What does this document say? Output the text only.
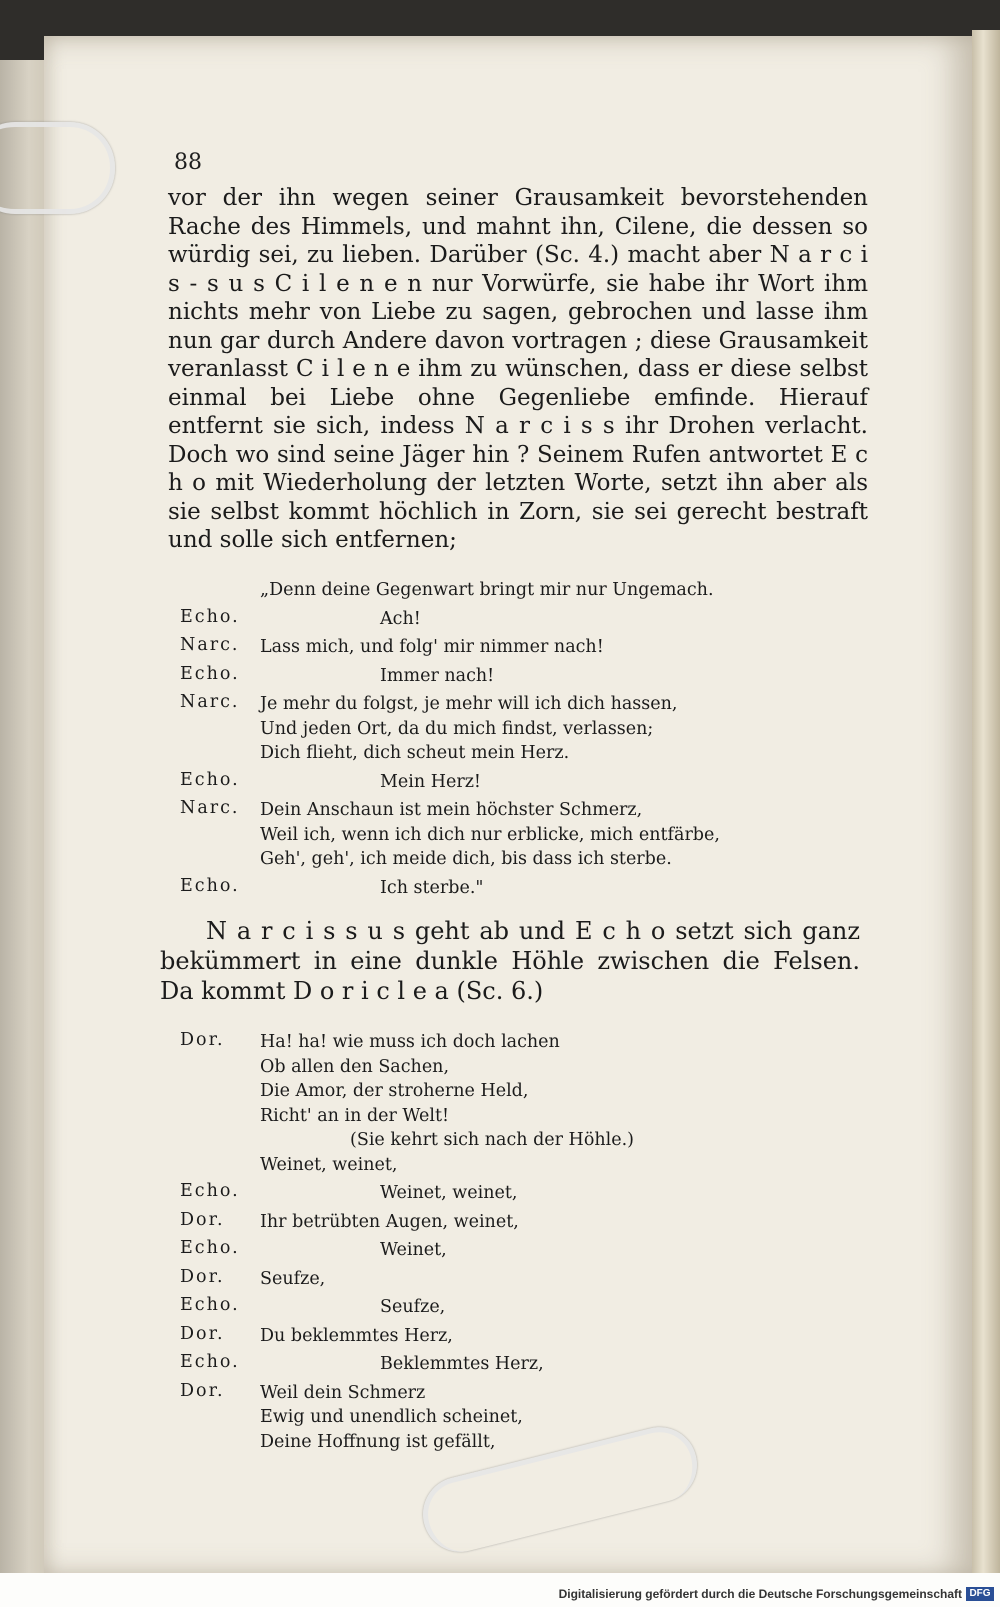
88

vor der ihn wegen seiner Grausamkeit bevorstehenden Rache des Himmels, und mahnt ihn, Cilene, die dessen so würdig sei, zu lieben. Darüber (Sc. 4.) macht aber N a r c i s - s u s C i l e n e n nur Vorwürfe, sie habe ihr Wort ihm nichts mehr von Liebe zu sagen, gebrochen und lasse ihm nun gar durch Andere davon vortragen ; diese Grausamkeit veranlasst C i l e n e ihm zu wünschen, dass er diese selbst einmal bei Liebe ohne Gegenliebe emfinde. Hierauf entfernt sie sich, indess N a r c i s s ihr Drohen verlacht. Doch wo sind seine Jäger hin ? Seinem Rufen antwortet E c h o mit Wiederholung der letzten Worte, setzt ihn aber als sie selbst kommt höchlich in Zorn, sie sei gerecht bestraft und solle sich entfernen;

„Denn deine Gegenwart bringt mir nur Ungemach.
Echo.	Ach!
Narc.	Lass mich, und folg' mir nimmer nach!
Echo.	Immer nach!
Narc.	Je mehr du folgst, je mehr will ich dich hassen,
Und jeden Ort, da du mich findst, verlassen;
Dich flieht, dich scheut mein Herz.
Echo.	Mein Herz!
Narc.	Dein Anschaun ist mein höchster Schmerz,
Weil ich, wenn ich dich nur erblicke, mich entfärbe,
Geh', geh', ich meide dich, bis dass ich sterbe.
Echo.	Ich sterbe."

N a r c i s s u s geht ab und E c h o setzt sich ganz bekümmert in eine dunkle Höhle zwischen die Felsen. Da kommt D o r i c l e a (Sc. 6.)

Dor.	Ha! ha! wie muss ich doch lachen
Ob allen den Sachen,
Die Amor, der stroherne Held,
Richt' an in der Welt!
(Sie kehrt sich nach der Höhle.)
Weinet, weinet,
Echo.	Weinet, weinet,
Dor.	Ihr betrübten Augen, weinet,
Echo.	Weinet,
Dor.	Seufze,
Echo.	Seufze,
Dor.	Du beklemmtes Herz,
Echo.	Beklemmtes Herz,
Dor.	Weil dein Schmerz
Ewig und unendlich scheinet,
Deine Hoffnung ist gefällt,
Digitalisierung gefördert durch die Deutsche Forschungsgemeinschaft DFG
